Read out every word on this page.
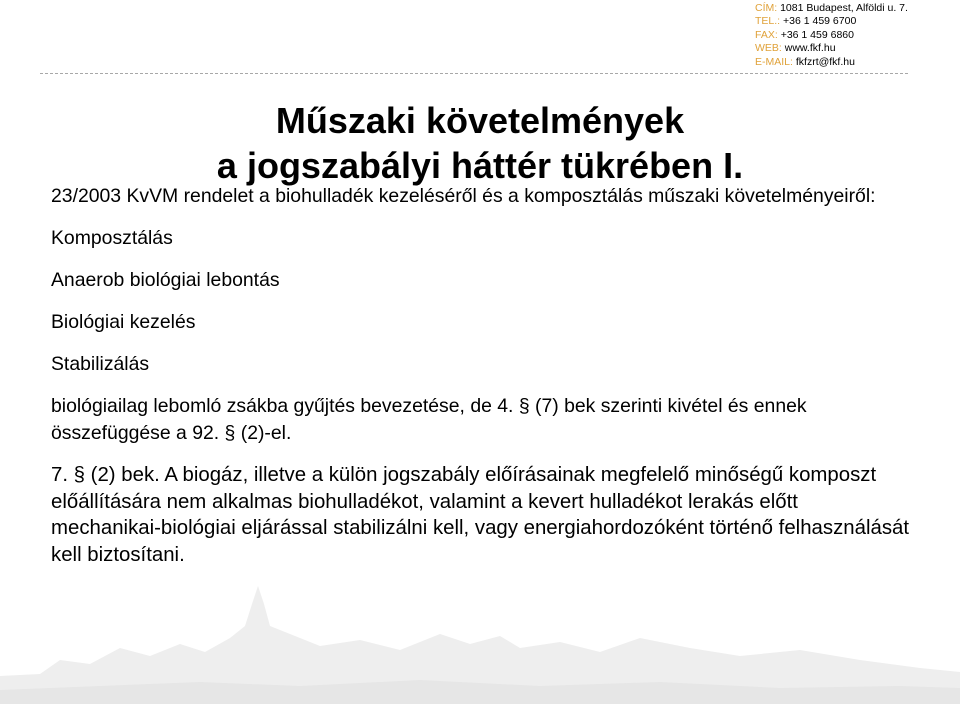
CÍM: 1081 Budapest, Alföldi u. 7.
TEL.: +36 1 459 6700
FAX: +36 1 459 6860
WEB: www.fkf.hu
E-MAIL: fkfzrt@fkf.hu
Műszaki követelmények
a jogszabályi háttér tükrében I.

23/2003 KvVM rendelet a biohulladék kezeléséről és a komposztálás műszaki követelményeiről:

Komposztálás

Anaerob biológiai lebontás

Biológiai kezelés

Stabilizálás

biológiailag lebomló zsákba gyűjtés bevezetése, de 4. § (7) bek szerinti kivétel és ennek összefüggése a 92. § (2)-el.

7. § (2) bek. A biogáz, illetve a külön jogszabály előírásainak megfelelő minőségű komposzt előállítására nem alkalmas biohulladékot, valamint a kevert hulladékot lerakás előtt mechanikai-biológiai eljárással stabilizálni kell, vagy energiahordozóként történő felhasználását kell biztosítani.
